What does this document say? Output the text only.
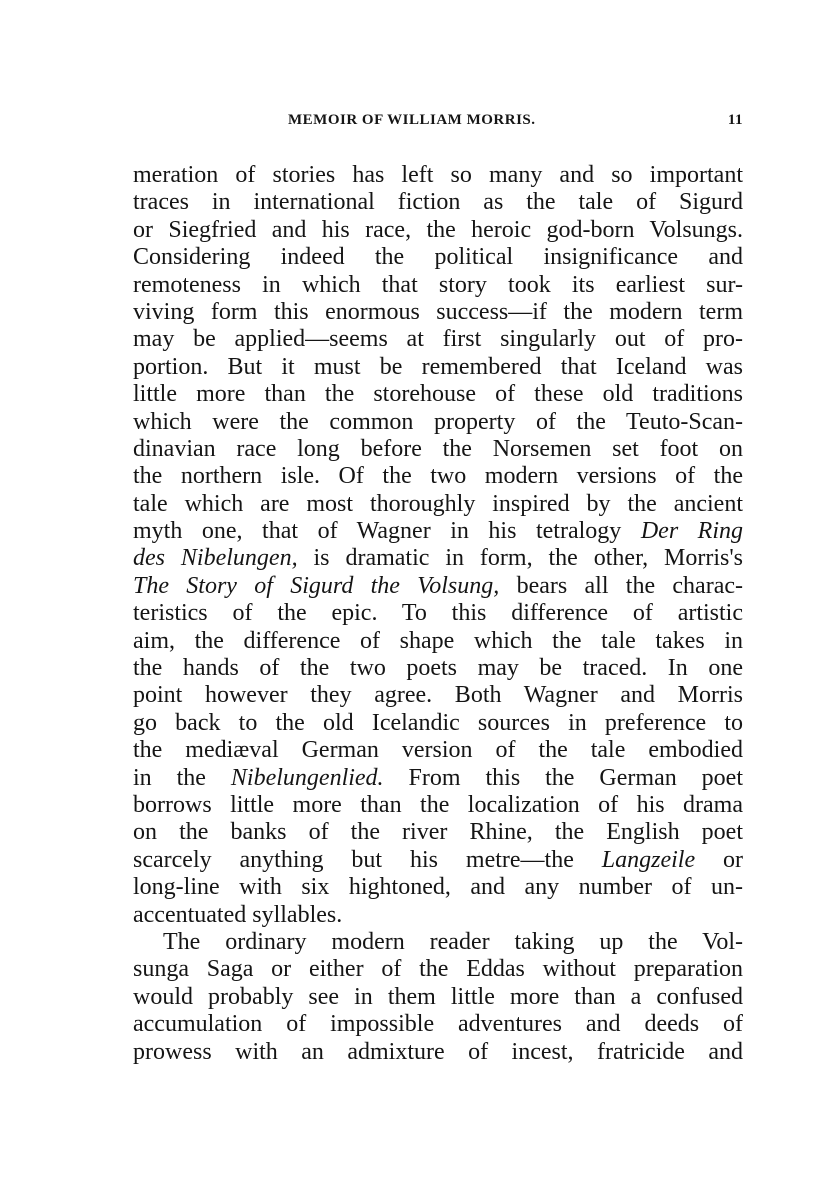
MEMOIR OF WILLIAM MORRIS.	11
meration of stories has left so many and so important
traces in international fiction as the tale of Sigurd
or Siegfried and his race, the heroic god-born Volsungs.
Considering indeed the political insignificance and
remoteness in which that story took its earliest sur-
viving form this enormous success—if the modern term
may be applied—seems at first singularly out of pro-
portion. But it must be remembered that Iceland was
little more than the storehouse of these old traditions
which were the common property of the Teuto-Scan-
dinavian race long before the Norsemen set foot on
the northern isle. Of the two modern versions of the
tale which are most thoroughly inspired by the ancient
myth one, that of Wagner in his tetralogy Der Ring
des Nibelungen, is dramatic in form, the other, Morris's
The Story of Sigurd the Volsung, bears all the charac-
teristics of the epic. To this difference of artistic
aim, the difference of shape which the tale takes in
the hands of the two poets may be traced. In one
point however they agree. Both Wagner and Morris
go back to the old Icelandic sources in preference to
the mediæval German version of the tale embodied
in the Nibelungenlied. From this the German poet
borrows little more than the localization of his drama
on the banks of the river Rhine, the English poet
scarcely anything but his metre—the Langzeile or
long-line with six hightoned, and any number of un-
accentuated syllables.
The ordinary modern reader taking up the Vol-
sunga Saga or either of the Eddas without preparation
would probably see in them little more than a confused
accumulation of impossible adventures and deeds of
prowess with an admixture of incest, fratricide and
